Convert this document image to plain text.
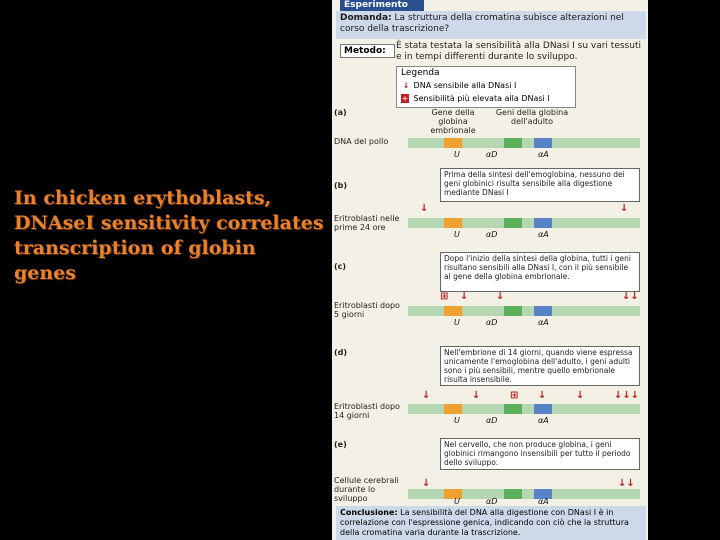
In chicken erythoblasts, DNAseI sensitivity correlates transcription of globin genes
Esperimento
Domanda: La struttura della cromatina subisce alterazioni nel corso della trascrizione?
Metodo:	È stata testata la sensibilità alla DNasi I su vari tessuti e in tempi differenti durante lo sviluppo.
Legenda
↓ DNA sensibile alla DNasi I
+ Sensibilità più elevata alla DNasi I
Gene della globina embrionale
Geni della globina dell'adulto
(a)
DNA del pollo
U	αD	αA
(b)
Prima della sintesi dell'emoglobina, nessuno dei geni globinici risulta sensibile alla digestione mediante DNasi I
Eritroblasti nelle prime 24 ore
↓	↓
U	αD	αA
(c)
Dopo l'inizio della sintesi della globina, tutti i geni risultano sensibili alla DNasi I, con il più sensibile al gene della globina embrionale.
Eritroblasti dopo 5 giorni
⊞ ↓	↓	↓↓
U	αD	αA
(d)	Nell'embrione di 14 giorni, quando viene espressa unicamente l'emoglobina dell'adulto, i geni adulti sono i più sensibili, mentre quello embrionale risulta insensibile.
Eritroblasti dopo 14 giorni
↓	↓	⊞ ↓	↓	↓↓↓
U	αD	αA
(e)	Nel cervello, che non produce globina, i geni globinici rimangono insensibili per tutto il periodo dello sviluppo.
Cellule cerebrali durante lo sviluppo
↓	↓↓
U	αD	αA
Conclusione: La sensibilità del DNA alla digestione con DNasi I è in correlazione con l'espressione genica, indicando con ciò che la struttura della cromatina varia durante la trascrizione.
